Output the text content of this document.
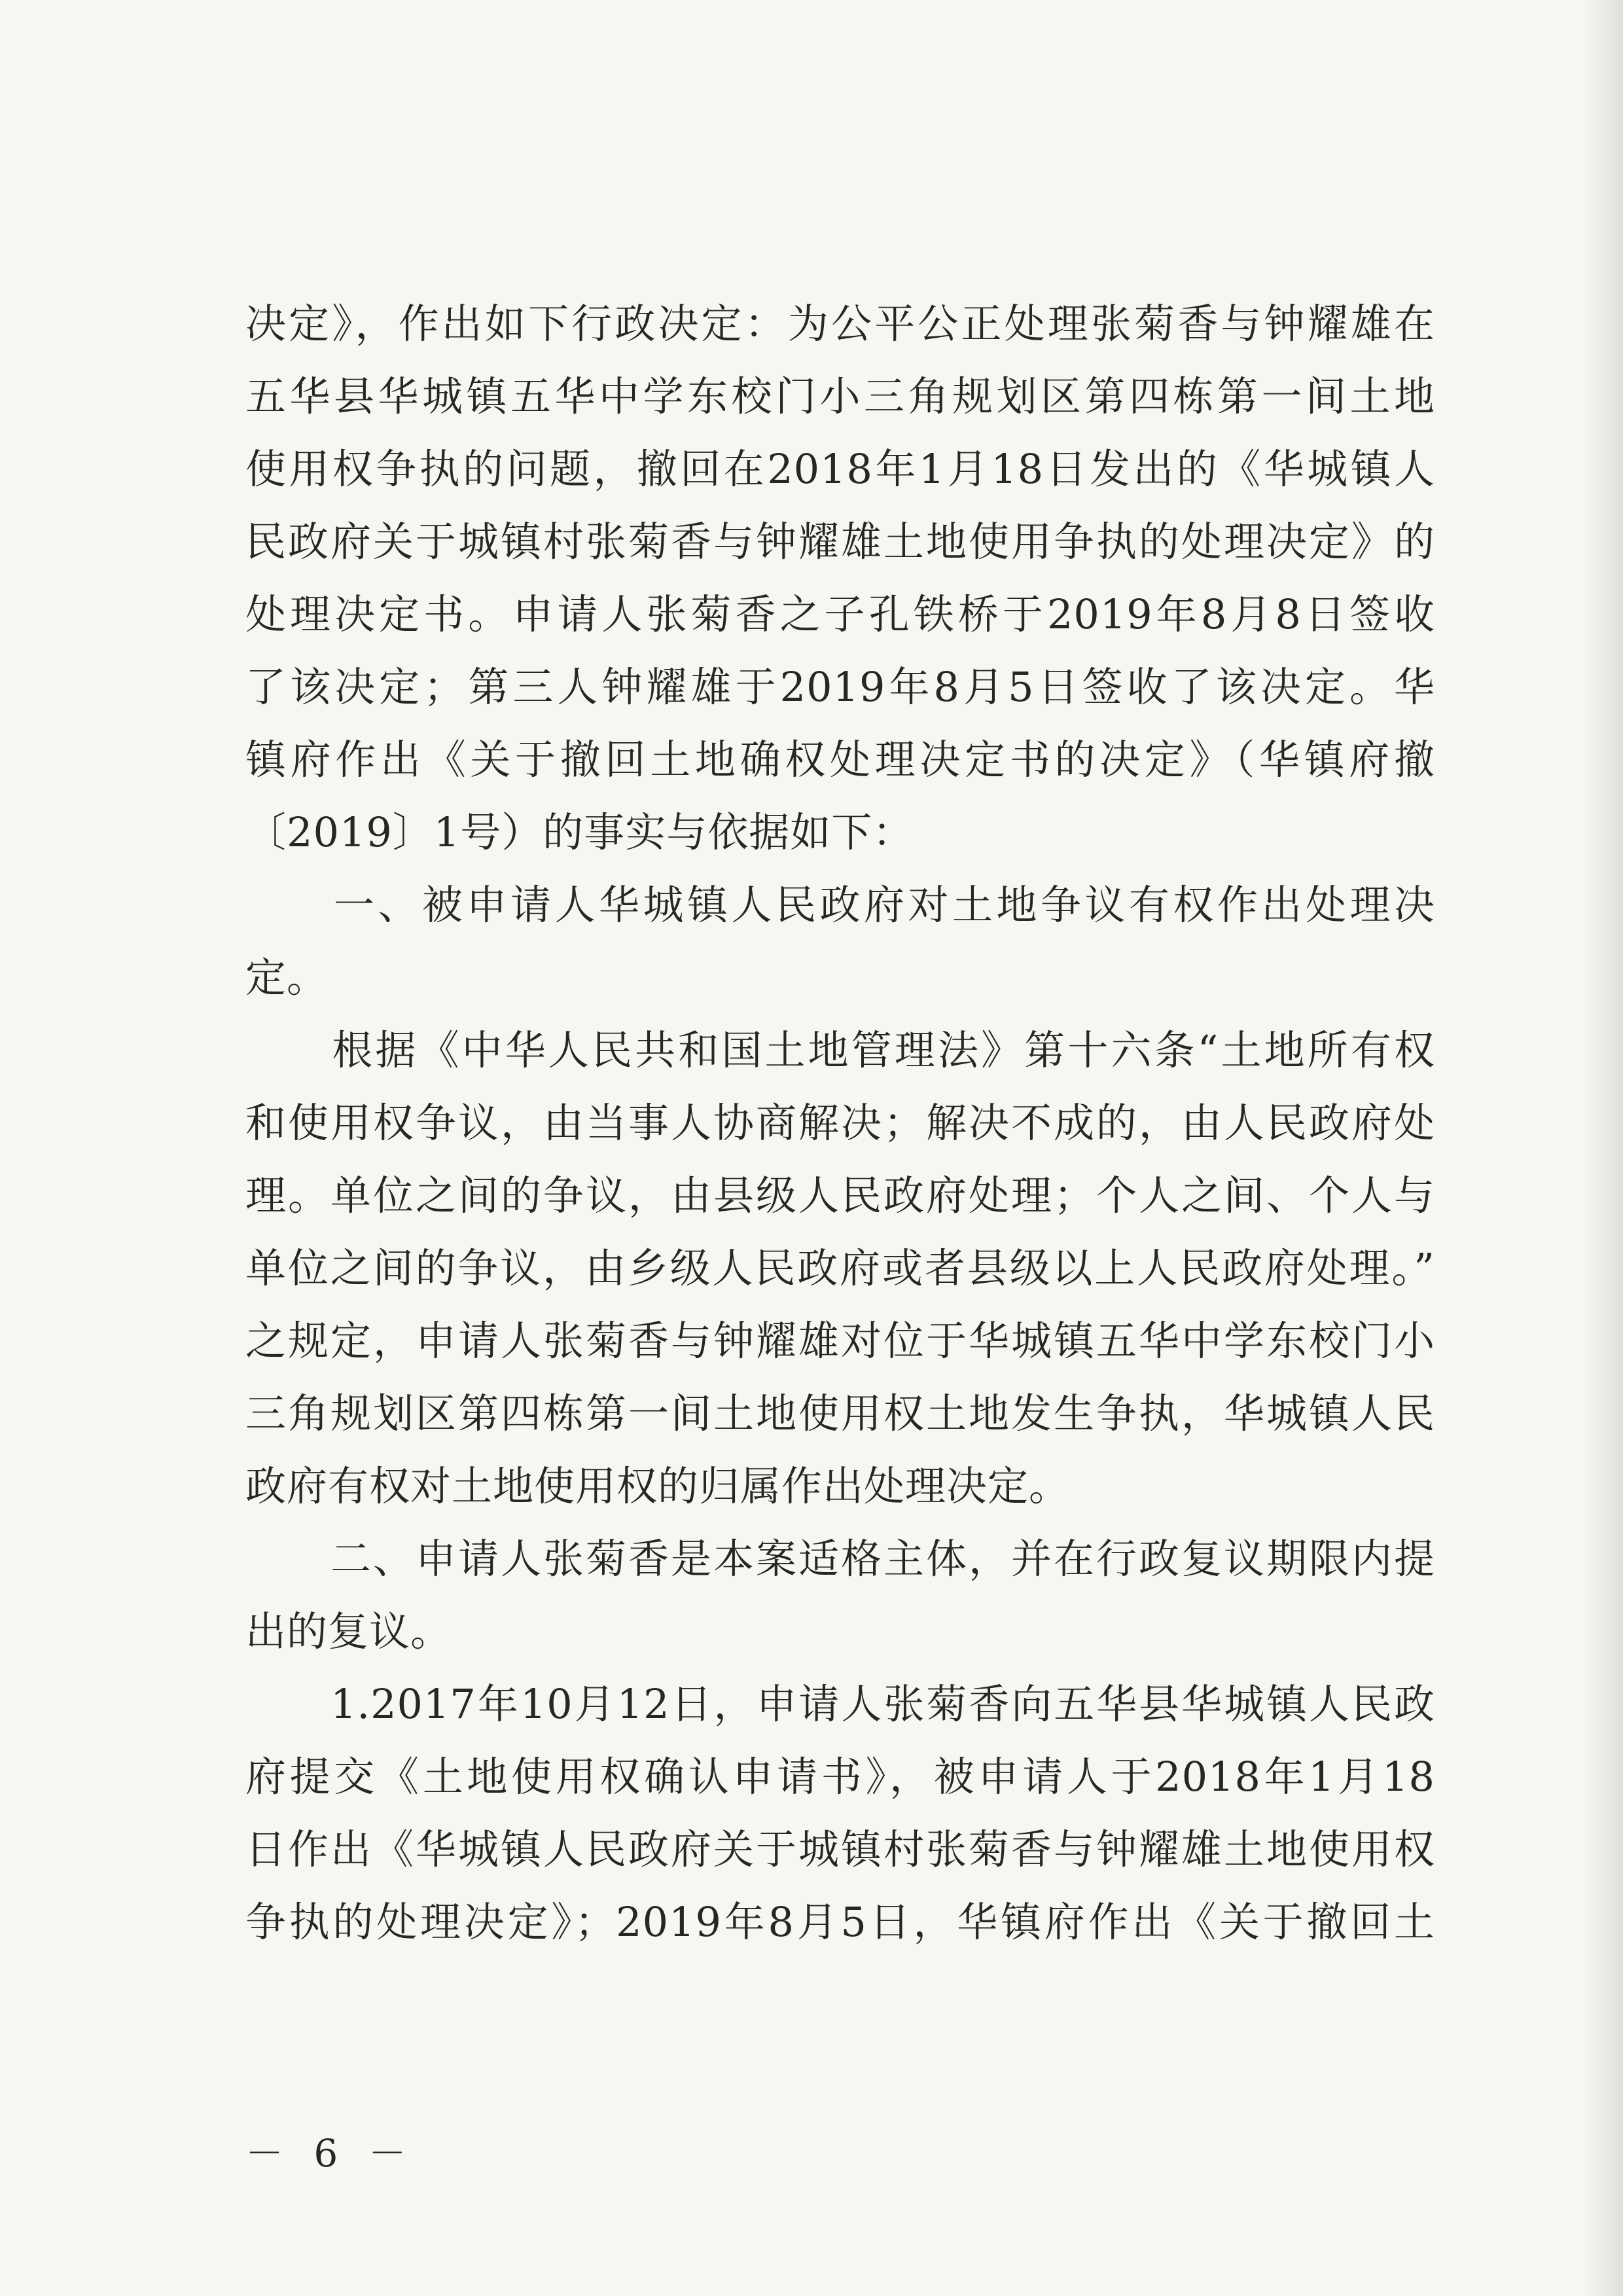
决定》，作出如下行政决定：为公平公正处理张菊香与钟耀雄在
五华县华城镇五华中学东校门小三角规划区第四栋第一间土地
使用权争执的问题，撤回在2018年1月18日发出的《华城镇人
民政府关于城镇村张菊香与钟耀雄土地使用争执的处理决定》的
处理决定书。申请人张菊香之子孔铁桥于2019年8月8日签收
了该决定；第三人钟耀雄于2019年8月5日签收了该决定。华
镇府作出《关于撤回土地确权处理决定书的决定》（华镇府撤
〔2019〕1号）的事实与依据如下：
　　一、被申请人华城镇人民政府对土地争议有权作出处理决
定。
　　根据《中华人民共和国土地管理法》第十六条“土地所有权
和使用权争议，由当事人协商解决；解决不成的，由人民政府处
理。单位之间的争议，由县级人民政府处理；个人之间、个人与
单位之间的争议，由乡级人民政府或者县级以上人民政府处理。”
之规定，申请人张菊香与钟耀雄对位于华城镇五华中学东校门小
三角规划区第四栋第一间土地使用权土地发生争执，华城镇人民
政府有权对土地使用权的归属作出处理决定。
　　二、申请人张菊香是本案适格主体，并在行政复议期限内提
出的复议。
　　1.2017年10月12日，申请人张菊香向五华县华城镇人民政
府提交《土地使用权确认申请书》，被申请人于2018年1月18
日作出《华城镇人民政府关于城镇村张菊香与钟耀雄土地使用权
争执的处理决定》；2019年8月5日，华镇府作出《关于撤回土
－ 6 －
